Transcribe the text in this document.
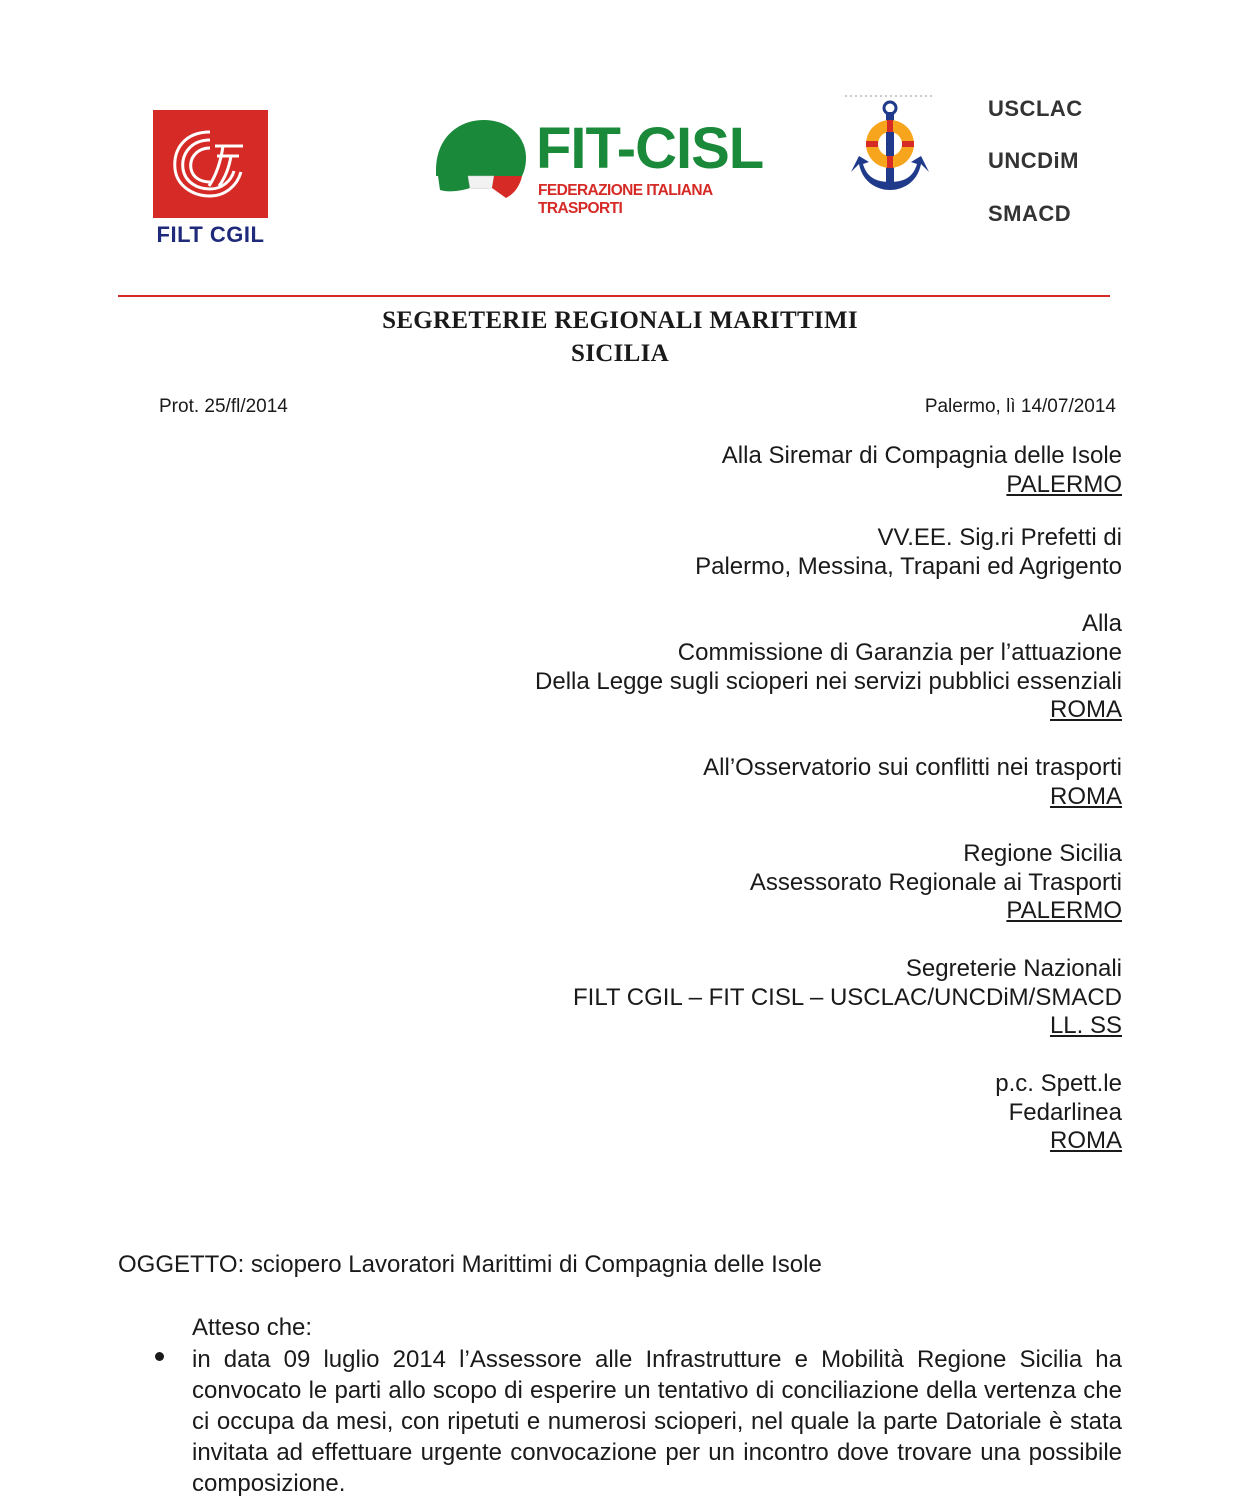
FILT CGIL
FIT-CISL
FEDERAZIONE ITALIANA TRASPORTI
USCLAC
UNCDiM
SMACD
SEGRETERIE REGIONALI MARITTIMI
SICILIA
Prot. 25/fl/2014	Palermo, lì 14/07/2014
Alla Siremar di Compagnia delle Isole
PALERMO
VV.EE. Sig.ri Prefetti di
Palermo, Messina, Trapani ed Agrigento
Alla
Commissione di Garanzia per l’attuazione
Della Legge sugli scioperi nei servizi pubblici essenziali
ROMA
All’Osservatorio sui conflitti nei trasporti
ROMA
Regione Sicilia
Assessorato Regionale ai Trasporti
PALERMO
Segreterie Nazionali
FILT CGIL – FIT CISL – USCLAC/UNCDiM/SMACD
LL. SS
p.c. Spett.le
Fedarlinea
ROMA
OGGETTO: sciopero Lavoratori Marittimi di Compagnia delle Isole
Atteso che:
in data 09 luglio 2014 l’Assessore alle Infrastrutture e Mobilità Regione Sicilia ha convocato le parti allo scopo di esperire un tentativo di conciliazione della vertenza che ci occupa da mesi, con ripetuti e numerosi scioperi, nel quale la parte Datoriale è stata invitata ad effettuare urgente convocazione per un incontro dove trovare una possibile composizione.
